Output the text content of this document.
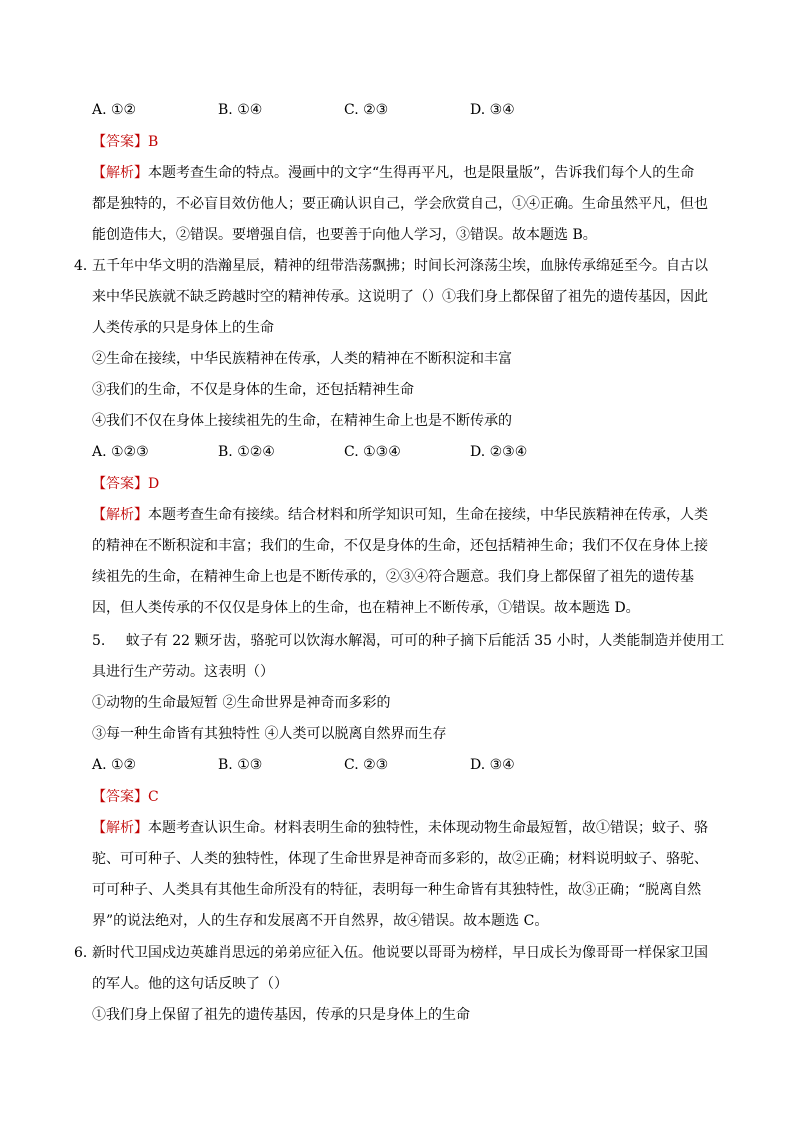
A. ①②	B. ①④	C. ②③	D. ③④
【答案】B
【解析】本题考查生命的特点。漫画中的文字“生得再平凡，也是限量版”，告诉我们每个人的生命
都是独特的，不必盲目效仿他人；要正确认识自己，学会欣赏自己，①④正确。生命虽然平凡，但也
能创造伟大，②错误。要增强自信，也要善于向他人学习，③错误。故本题选 B。
4．五千年中华文明的浩瀚星辰，精神的纽带浩荡飘拂；时间长河涤荡尘埃，血脉传承绵延至今。自古以
来中华民族就不缺乏跨越时空的精神传承。这说明了（）①我们身上都保留了祖先的遗传基因，因此
人类传承的只是身体上的生命
②生命在接续，中华民族精神在传承，人类的精神在不断积淀和丰富
③我们的生命，不仅是身体的生命，还包括精神生命
④我们不仅在身体上接续祖先的生命，在精神生命上也是不断传承的
A. ①②③	B. ①②④	C. ①③④	D. ②③④
【答案】D
【解析】本题考查生命有接续。结合材料和所学知识可知，生命在接续，中华民族精神在传承，人类
的精神在不断积淀和丰富；我们的生命，不仅是身体的生命，还包括精神生命；我们不仅在身体上接
续祖先的生命，在精神生命上也是不断传承的，②③④符合题意。我们身上都保留了祖先的遗传基
因，但人类传承的不仅仅是身体上的生命，也在精神上不断传承，①错误。故本题选 D。
5. 蚊子有 22 颗牙齿，骆驼可以饮海水解渴，可可的种子摘下后能活 35 小时，人类能制造并使用工
具进行生产劳动。这表明（）
①动物的生命最短暂 ②生命世界是神奇而多彩的
③每一种生命皆有其独特性 ④人类可以脱离自然界而生存
A. ①②	B. ①③	C. ②③	D. ③④
【答案】C
【解析】本题考查认识生命。材料表明生命的独特性，未体现动物生命最短暂，故①错误；蚊子、骆
驼、可可种子、人类的独特性，体现了生命世界是神奇而多彩的，故②正确；材料说明蚊子、骆驼、
可可种子、人类具有其他生命所没有的特征，表明每一种生命皆有其独特性，故③正确；“脱离自然
界”的说法绝对，人的生存和发展离不开自然界，故④错误。故本题选 C。
6．新时代卫国戍边英雄肖思远的弟弟应征入伍。他说要以哥哥为榜样，早日成长为像哥哥一样保家卫国
的军人。他的这句话反映了（）
①我们身上保留了祖先的遗传基因，传承的只是身体上的生命
